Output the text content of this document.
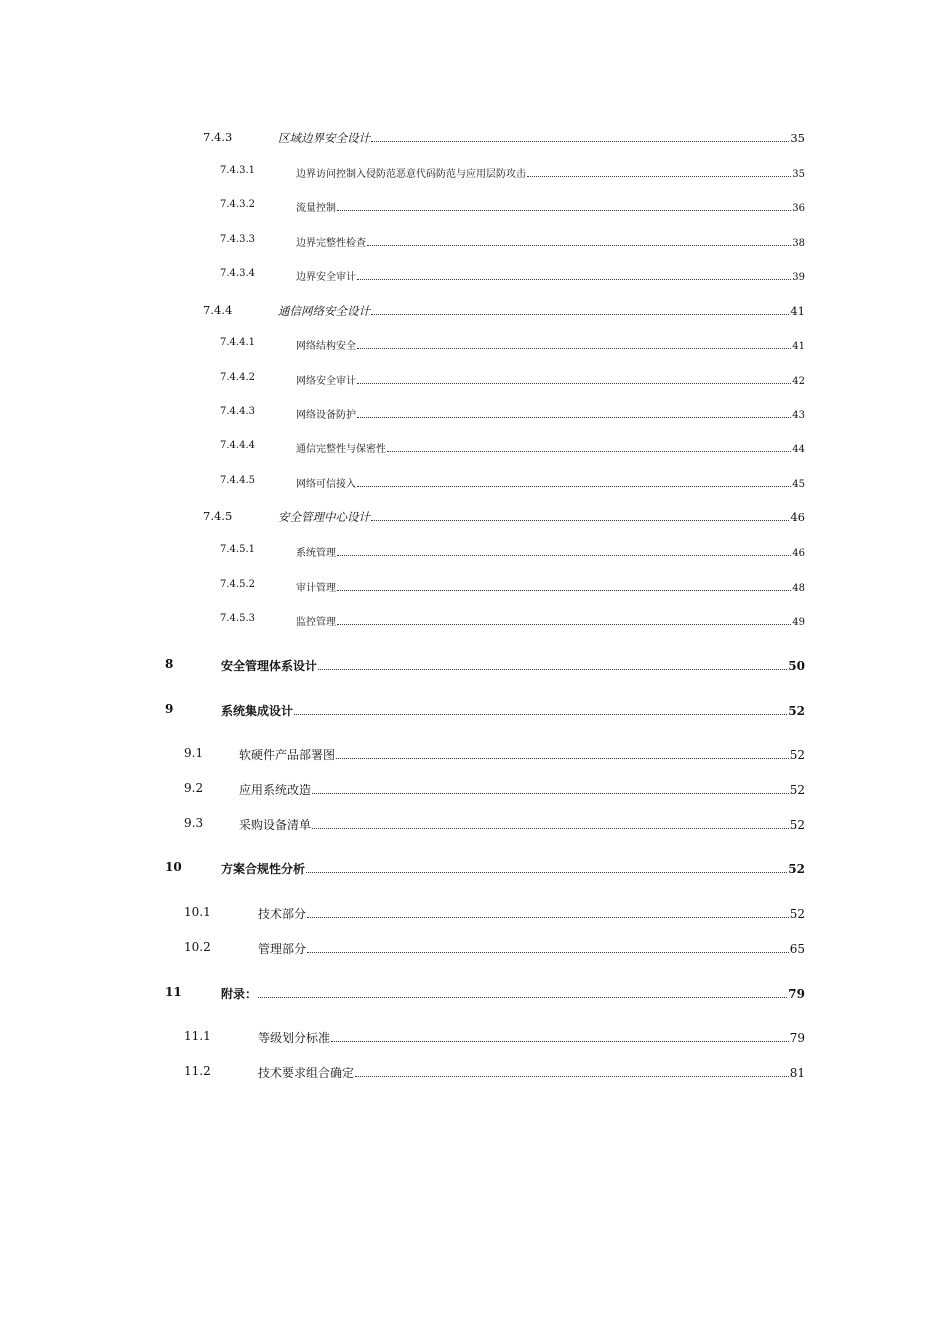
7.4.3	区域边界安全设计	35
7.4.3.1	边界访问控制入侵防范恶意代码防范与应用层防攻击	35
7.4.3.2	流量控制	36
7.4.3.3	边界完整性检查	38
7.4.3.4	边界安全审计	39
7.4.4	通信网络安全设计	41
7.4.4.1	网络结构安全	41
7.4.4.2	网络安全审计	42
7.4.4.3	网络设备防护	43
7.4.4.4	通信完整性与保密性	44
7.4.4.5	网络可信接入	45
7.4.5	安全管理中心设计	46
7.4.5.1	系统管理	46
7.4.5.2	审计管理	48
7.4.5.3	监控管理	49
8	安全管理体系设计	50
9	系统集成设计	52
9.1	软硬件产品部署图	52
9.2	应用系统改造	52
9.3	采购设备清单	52
10	方案合规性分析	52
10.1	技术部分	52
10.2	管理部分	65
11	附录：	79
11.1	等级划分标准	79
11.2	技术要求组合确定	81
